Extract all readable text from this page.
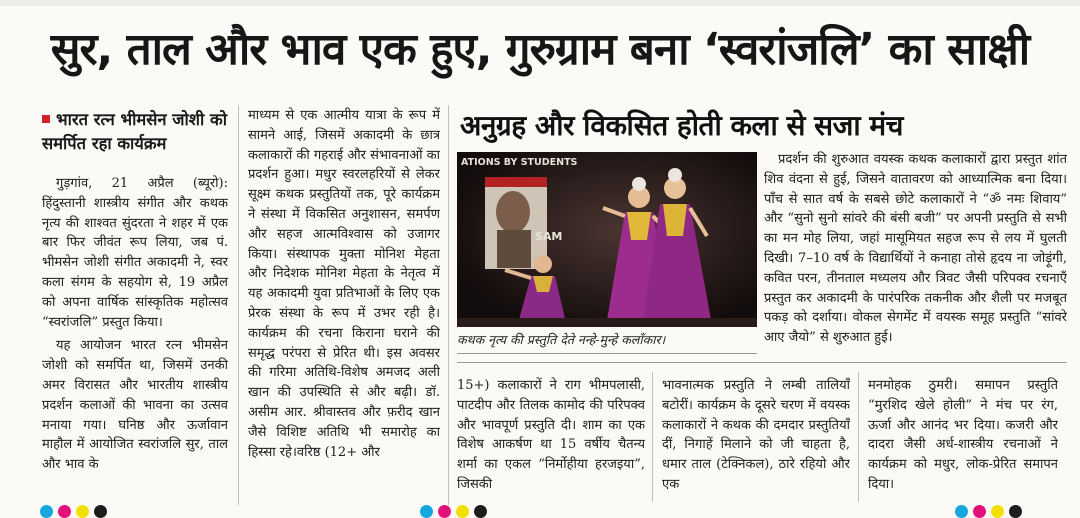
सुर, ताल और भाव एक हुए, गुरुग्राम बना ‘स्वरांजलि’ का साक्षी
भारत रत्न भीमसेन जोशी को समर्पित रहा कार्यक्रम

गुड़गांव, 21 अप्रैल (ब्यूरो): हिंदुस्तानी शास्त्रीय संगीत और कथक नृत्य की शाश्वत सुंदरता ने शहर में एक बार फिर जीवंत रूप लिया, जब पं. भीमसेन जोशी संगीत अकादमी ने, स्वर कला संगम के सहयोग से, 19 अप्रैल को अपना वार्षिक सांस्कृतिक महोत्सव “स्वरांजलि” प्रस्तुत किया।

यह आयोजन भारत रत्न भीमसेन जोशी को समर्पित था, जिसमें उनकी अमर विरासत और भारतीय शास्त्रीय प्रदर्शन कलाओं की भावना का उत्सव मनाया गया। घनिष्ठ और ऊर्जावान माहौल में आयोजित स्वरांजलि सुर, ताल और भाव के

माध्यम से एक आत्मीय यात्रा के रूप में सामने आई, जिसमें अकादमी के छात्र कलाकारों की गहराई और संभावनाओं का प्रदर्शन हुआ। मधुर स्वरलहरियों से लेकर सूक्ष्म कथक प्रस्तुतियों तक, पूरे कार्यक्रम ने संस्था में विकसित अनुशासन, समर्पण और सहज आत्मविश्वास को उजागर किया। संस्थापक मुक्ता मोनिश मेहता और निदेशक मोनिश मेहता के नेतृत्व में यह अकादमी युवा प्रतिभाओं के लिए एक प्रेरक संस्था के रूप में उभर रही है। कार्यक्रम की रचना किराना घराने की समृद्ध परंपरा से प्रेरित थी। इस अवसर की गरिमा अतिथि-विशेष अमजद अली खान की उपस्थिति से और बढ़ी। डॉ. असीम आर. श्रीवास्तव और फ़रीद खान जैसे विशिष्ट अतिथि भी समारोह का हिस्सा रहे।वरिष्ठ (12+ और

अनुग्रह और विकसित होती कला से सजा मंच
ATIONS BY STUDENTS
SAM
कथक नृत्य की प्रस्तुति देते नन्हे-मुन्हे कलाँकार।

प्रदर्शन की शुरुआत वयस्क कथक कलाकारों द्वारा प्रस्तुत शांत शिव वंदना से हुई, जिसने वातावरण को आध्यात्मिक बना दिया। पाँच से सात वर्ष के सबसे छोटे कलाकारों ने “ॐ नमः शिवाय” और “सुनो सुनो सांवरे की बंसी बजी” पर अपनी प्रस्तुति से सभी का मन मोह लिया, जहां मासूमियत सहज रूप से लय में घुलती दिखी। 7–10 वर्ष के विद्यार्थियों ने कनाहा तोसे हृदय ना जोड़ूंगी, कवित परन, तीनताल मध्यलय और त्रिवट जैसी परिपक्व रचनाएँ प्रस्तुत कर अकादमी के पारंपरिक तकनीक और शैली पर मजबूत पकड़ को दर्शाया। वोकल सेगमेंट में वयस्क समूह प्रस्तुति “सांवरे आए जैयो” से शुरुआत हुई।

15+) कलाकारों ने राग भीमपलासी, पाटदीप और तिलक कामोद की परिपक्व और भावपूर्ण प्रस्तुति दी। शाम का एक विशेष आकर्षण था 15 वर्षीय चैतन्य शर्मा का एकल “निर्मोहीया हरजइया”, जिसकी

भावनात्मक प्रस्तुति ने लम्बी तालियाँ बटोरीं। कार्यक्रम के दूसरे चरण में वयस्क कलाकारों ने कथक की दमदार प्रस्तुतियाँ दीं, निगाहें मिलाने को जी चाहता है, धमार ताल (टेक्निकल), ठारे रहियो और एक

मनमोहक ठुमरी। समापन प्रस्तुति “मुरशिद खेले होली” ने मंच पर रंग, ऊर्जा और आनंद भर दिया। कजरी और दादरा जैसी अर्ध-शास्त्रीय रचनाओं ने कार्यक्रम को मधुर, लोक-प्रेरित समापन दिया।
